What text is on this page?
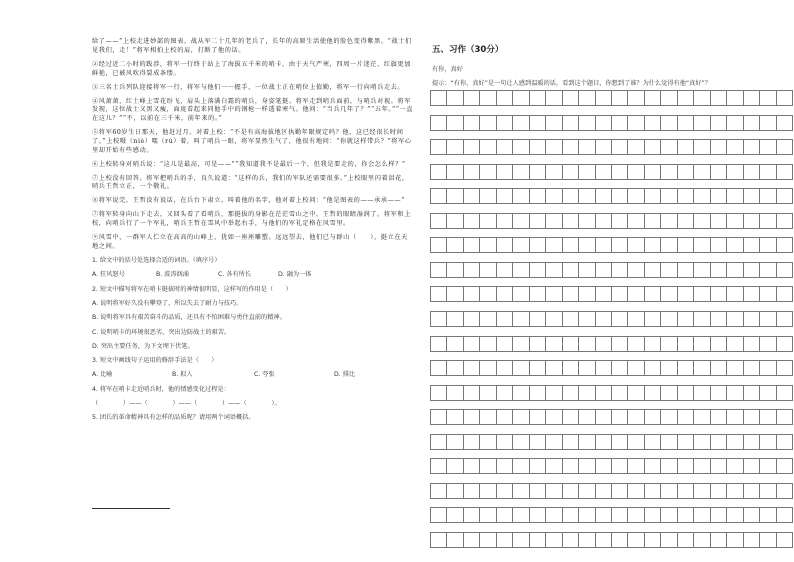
给了——”上校走进妙部的图表，战从军二十几年的老兵了，长年的高原生活使他的脸色变得紫黑。“战士们见我们，走！”将军相拍上校的肩，打断了他的话。

②经过近二小时的跋涉，将军一行终于站上了海拔五千米的哨卡，由于天气严寒，四周一片迷茫，红旗更加鲜艳，已被风吹得裂成条缕。

③三名士兵列队迎接将军一行，将军与他们一一握手，一位战士正在哨位上值勤，将军一行向哨兵走去。

④风萧萧，红土峰上雪花纷飞，肩头上落满白霜的哨兵，身姿笔挺。将军走到哨兵面前，与哨兵对视。将军发现，这位战士又黑又瘦，面庞看起来同他手中的钢枪一样透着寒气。他问：“当兵几年了？”“五年。”“一直在这儿？”“不，以前在三千米，前年来的。”

⑤将军60岁生日那天，他赶过月。对着上校：“不是有高海拔地区执勤年限规定吗？他，这已经很长时间了。”上校嗫（niè）嚅（rú）着，叫了哨兵一眼，将军显然生气了，他很有地问：“你就这样带兵？”将军心里却开始有些感动。

⑥上校转身对哨兵说：“这儿是最高，可是——”“我知道我不是最后一个，但我是要走的，你会怎么样？”

⑦上校没有回答。将军把哨兵的手，良久说道：“这样的兵，我们的军队还需要很多。”上校眼里闪着泪花，哨兵王哲立正，一个敬礼。

⑧将军说完，王哲没有说话，在兵台下肃立。叫着他的名字，他对着上校问：“他是图表的——承承——”

⑦将军转身向山下走去，又回头看了看哨兵，那挺拔的身影在茫茫雪山之中，王哲的眼睛湿润了。将军和上校，向哨兵行了一个军礼，哨兵王哲在雪风中举起右手，与他们的军礼定格在风雪里。

⑨风雪中，一群军人伫立在高高的山峰上，犹如一座座雕塑。远远望去，他们已与群山（　　），挺立在天地之间。

1. 给文中的括号处选择合适的词语。（填序号）
A. 狂风怒号	B. 波涛汹涌	C. 各有所长	D. 融为一体
2. 短文中描写将军在哨卡挺拔时的神情很明显，这样写的作用是（　　）
A. 说明将军好久没有攀登了，所以失去了耐力与技巧。
B. 说明将军具有艰苦奋斗的品质，还具有不怕困难与勇往直前的精神。
C. 说明哨卡的环境很恶劣，突出边防战士的艰苦。
D. 突出主要任务，为下文埋下伏笔。
3. 短文中画线句子运用的修辞手法是（　　）
A. 比喻	B. 拟人	C. 夸张	D. 排比
4. 将军在哨卡走近哨兵时，他的情感变化过程是：
（　　　　）——（　　　　）——（　　　　）——（　　　　）。
5. 团长的革命精神具有怎样的品质呢？请用两个词语概括。
五、习作（30分）
有你，真好
提示：“有你，真好”是一句让人感到温暖的话，看到这个题目，你想到了谁？为什么觉得有他“真好”？
